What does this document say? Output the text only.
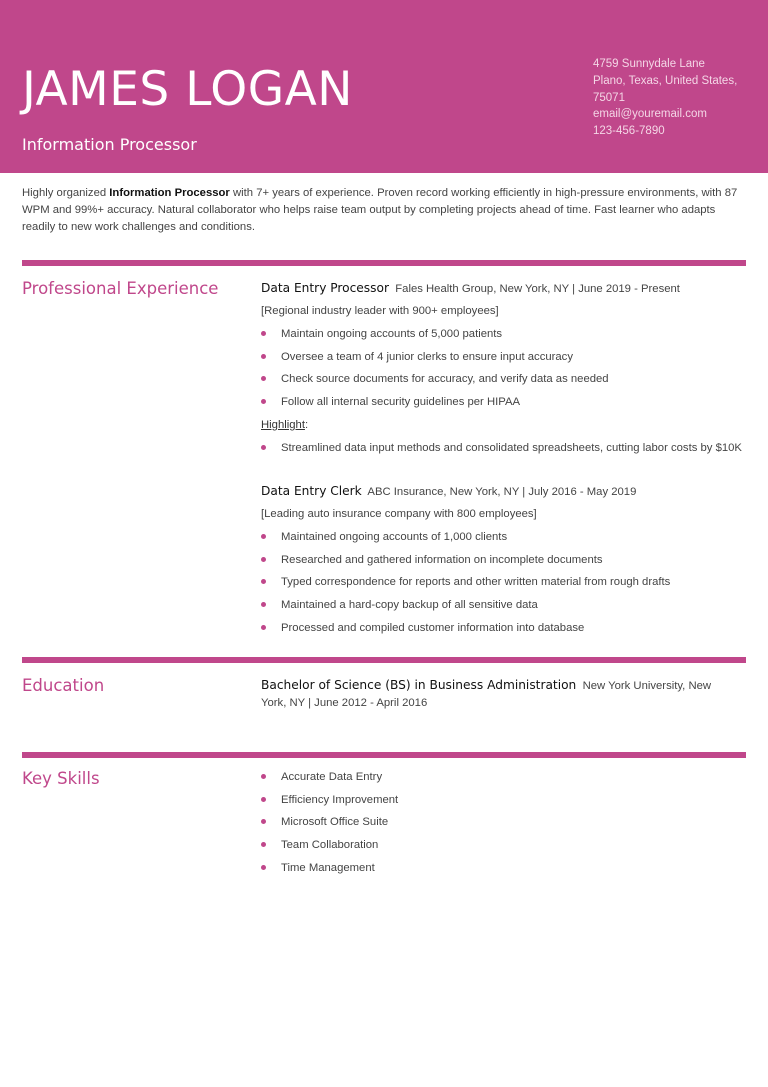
JAMES LOGAN
Information Processor
4759 Sunnydale Lane
Plano, Texas, United States,
75071
email@youremail.com
123-456-7890
Highly organized Information Processor with 7+ years of experience. Proven record working efficiently in high-pressure environments, with 87 WPM and 99%+ accuracy. Natural collaborator who helps raise team output by completing projects ahead of time. Fast learner who adapts readily to new work challenges and conditions.
Professional Experience	Data Entry Processor Fales Health Group, New York, NY | June 2019 - Present
[Regional industry leader with 900+ employees]
Maintain ongoing accounts of 5,000 patients
Oversee a team of 4 junior clerks to ensure input accuracy
Check source documents for accuracy, and verify data as needed
Follow all internal security guidelines per HIPAA
Highlight:
Streamlined data input methods and consolidated spreadsheets, cutting labor costs by $10K
Data Entry Clerk ABC Insurance, New York, NY | July 2016 - May 2019
[Leading auto insurance company with 800 employees]
Maintained ongoing accounts of 1,000 clients
Researched and gathered information on incomplete documents
Typed correspondence for reports and other written material from rough drafts
Maintained a hard-copy backup of all sensitive data
Processed and compiled customer information into database
Education	Bachelor of Science (BS) in Business Administration New York University, New York, NY | June 2012 - April 2016
Key Skills	Accurate Data Entry
Efficiency Improvement
Microsoft Office Suite
Team Collaboration
Time Management
